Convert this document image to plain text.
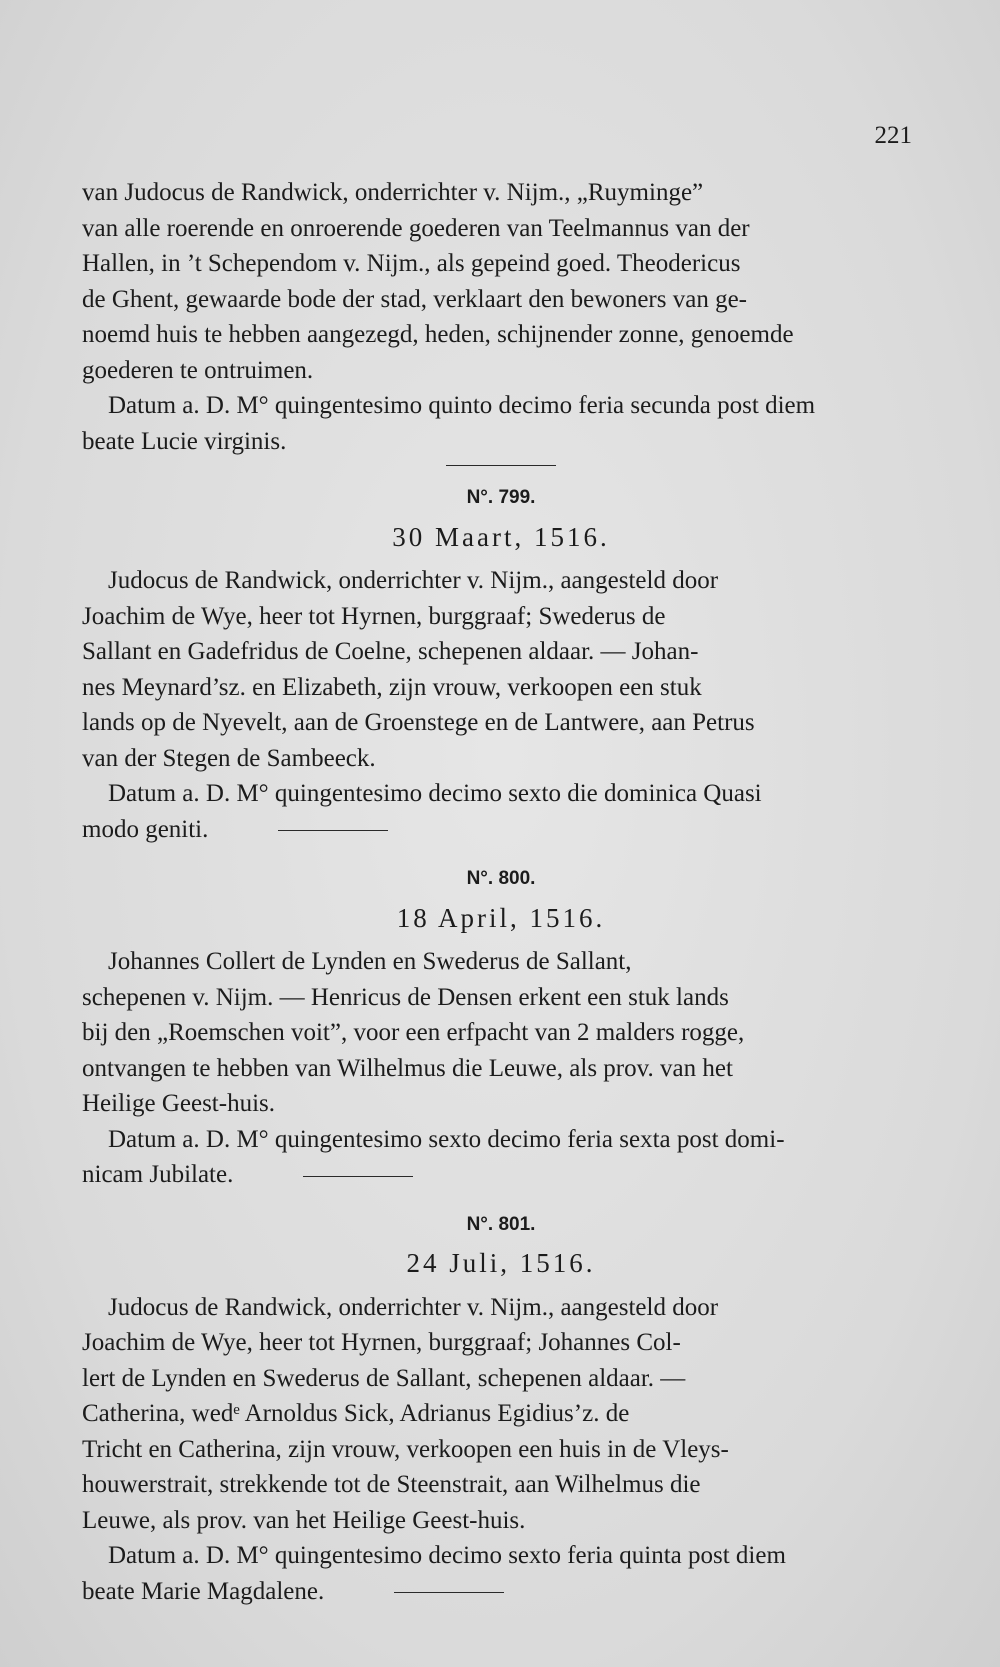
221
van Judocus de Randwick, onderrichter v. Nijm., „Ruyminge”
van alle roerende en onroerende goederen van Teelmannus van der
Hallen, in ’t Schependom v. Nijm., als gepeind goed. Theodericus
de Ghent, gewaarde bode der stad, verklaart den bewoners van ge-
noemd huis te hebben aangezegd, heden, schijnender zonne, genoemde
goederen te ontruimen.
Datum a. D. M° quingentesimo quinto decimo feria secunda post diem
beate Lucie virginis.
N°. 799.
30 Maart, 1516.
Judocus de Randwick, onderrichter v. Nijm., aangesteld door
Joachim de Wye, heer tot Hyrnen, burggraaf; Swederus de
Sallant en Gadefridus de Coelne, schepenen aldaar. — Johan-
nes Meynard’sz. en Elizabeth, zijn vrouw, verkoopen een stuk
lands op de Nyevelt, aan de Groenstege en de Lantwere, aan Petrus
van der Stegen de Sambeeck.
Datum a. D. M° quingentesimo decimo sexto die dominica Quasi
modo geniti.
N°. 800.
18 April, 1516.
Johannes Collert de Lynden en Swederus de Sallant,
schepenen v. Nijm. — Henricus de Densen erkent een stuk lands
bij den „Roemschen voit”, voor een erfpacht van 2 malders rogge,
ontvangen te hebben van Wilhelmus die Leuwe, als prov. van het
Heilige Geest-huis.
Datum a. D. M° quingentesimo sexto decimo feria sexta post domi-
nicam Jubilate.
N°. 801.
24 Juli, 1516.
Judocus de Randwick, onderrichter v. Nijm., aangesteld door
Joachim de Wye, heer tot Hyrnen, burggraaf; Johannes Col-
lert de Lynden en Swederus de Sallant, schepenen aldaar. —
Catherina, wedᵉ Arnoldus Sick, Adrianus Egidius’z. de
Tricht en Catherina, zijn vrouw, verkoopen een huis in de Vleys-
houwerstrait, strekkende tot de Steenstrait, aan Wilhelmus die
Leuwe, als prov. van het Heilige Geest-huis.
Datum a. D. M° quingentesimo decimo sexto feria quinta post diem
beate Marie Magdalene.
